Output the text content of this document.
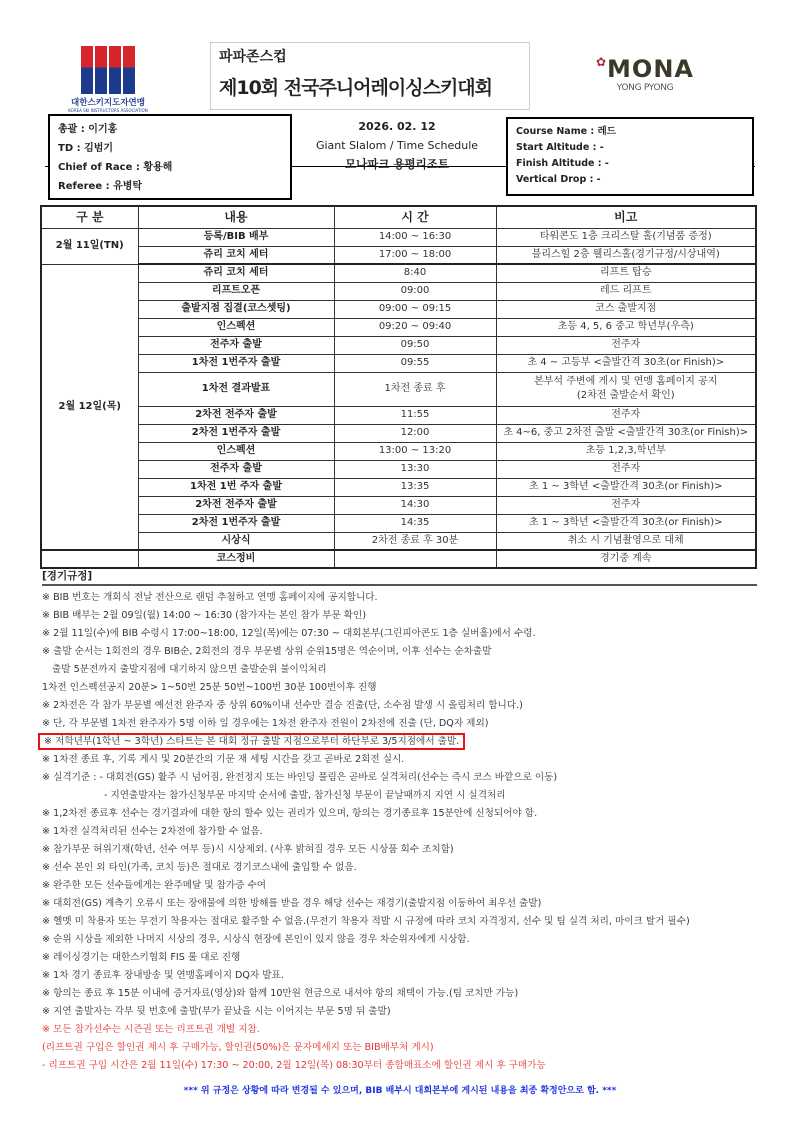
대한스키지도자연맹
KOREA SKI INSTRUCTORS ASSOCIATION
파파존스컵
제10회 전국주니어레이싱스키대회
✿MONA
YONG PYONG
총괄 : 이기홍
TD : 김범기
Chief of Race : 황용해
Referee : 유병탁
2026. 02. 12
Giant Slalom / Time Schedule
모나파크 용평리조트
Course Name : 레드
Start Altitude : -
Finish Altitude : -
Vertical Drop : -
구 분	내용	시 간	비고
2월 11일(TN)	등록/BIB 배부	14:00 ~ 16:30	타워콘도 1층 크리스탈 홀(기념품 증정)
	쥬리 코치 세터	17:00 ~ 18:00	블리스힐 2층 웰리스홀(경기규정/시상내역)
2월 12일(목)	쥬리 코치 세터	8:40	리프트 탑승
	리프트오픈	09:00	레드 리프트
	출발지점 집결(코스셋팅)	09:00 ~ 09:15	코스 출발지점
	인스펙션	09:20 ~ 09:40	초등 4, 5, 6 중고 학년부(우측)
	전주자 출발	09:50	전주자
	1차전 1번주자 출발	09:55	초 4 ~ 고등부 <출발간격 30초(or Finish)>
	1차전 결과발표	1차전 종료 후	본부석 주변에 게시 및 연맹 홈페이지 공지
(2차전 출발순서 확인)

	2차전 전주자 출발	11:55	전주자
	2차전 1번주자 출발	12:00	초 4~6, 중고 2차전 출발 <출발간격 30초(or Finish)>
	인스펙션	13:00 ~ 13:20	초등 1,2,3,학년부
	전주자 출발	13:30	전주자
	1차전 1번 주자 출발	13:35	초 1 ~ 3학년 <출발간격 30초(or Finish)>
	2차전 전주자 출발	14:30	전주자
	2차전 1번주자 출발	14:35	초 1 ~ 3학년 <출발간격 30초(or Finish)>
	시상식	2차전 종료 후 30분	취소 시 기념촬영으로 대체
	코스정비		경기중 계속
[경기규정]
※ BIB 번호는 개회식 전날 전산으로 랜덤 추첨하고 연맹 홈페이지에 공지합니다.
※ BIB 배부는 2월 09일(월) 14:00 ~ 16:30 (참가자는 본인 참가 부문 확인)
※ 2월 11일(수)에 BIB 수령시 17:00~18:00, 12일(목)에는 07:30 ~ 대회본부(그린피아콘도 1층 실버홀)에서 수령.
※ 출발 순서는 1회전의 경우 BIB순, 2회전의 경우 부문별 상위 순위15명은 역순이며, 이후 선수는 순차출발
출발 5분전까지 출발지점에 대기하지 않으면 출발순위 불이익처리
1차전 인스펙션공지 20분> 1~50번 25분 50번~100번 30분 100번이후 진행
※ 2차전은 각 참가 부문별 예선전 완주자 중 상위 60%이내 선수만 결승 진출(단, 소수점 발생 시 올림처리 합니다.)
※ 단, 각 부문별 1차전 완주자가 5명 이하 일 경우에는 1차전 완주자 전원이 2차전에 진출 (단, DQ자 제외)
※ 저학년부(1학년 ~ 3학년) 스타트는 본 대회 정규 출발 지점으로부터 하단부로 3/5지점에서 출발.
※ 1차전 종료 후, 기록 게시 및 20분간의 기문 재 세팅 시간을 갖고 곧바로 2회전 실시.
※ 실격기준 : - 대회전(GS) 활주 시 넘어짐, 완전정지 또는 바인딩 풀림은 곧바로 실격처리(선수는 즉시 코스 바깥으로 이동)
- 지연출발자는 참가신청부문 마지막 순서에 출발, 참가신청 부문이 끝날때까지 지연 시 실격처리
※ 1,2차전 종료후 선수는 경기결과에 대한 항의 할수 있는 권리가 있으며, 항의는 경기종료후 15분안에 신청되어야 함.
※ 1차전 실격처리된 선수는 2차전에 참가할 수 없음.
※ 참가부문 허위기재(학년, 선수 여부 등)시 시상제외. (사후 밝혀질 경우 모든 시상품 회수 조치함)
※ 선수 본인 외 타인(가족, 코치 등)은 절대로 경기코스내에 출입할 수 없음.
※ 완주한 모든 선수들에게는 완주메달 및 참가증 수여
※ 대회전(GS) 계측기 오류시 또는 장애물에 의한 방해를 받을 경우 해당 선수는 재경기(출발지점 이동하여 최우선 출발)
※ 헬멧 미 착용자 또는 무전기 착용자는 절대로 활주할 수 없음.(무전기 착용자 적발 시 규정에 따라 코치 자격정지, 선수 및 팀 실격 처리, 마이크 탈거 필수)
※ 순위 시상을 제외한 나머지 시상의 경우, 시상식 현장에 본인이 있지 않을 경우 차순위자에게 시상함.
※ 레이싱경기는 대한스키협회 FIS 룰 대로 진행
※ 1차 경기 종료후 장내방송 및 연맹홈페이지 DQ자 발표.
※ 항의는 종료 후 15분 이내에 증거자료(영상)와 함께 10만원 현금으로 내셔야 항의 채택이 가능.(팀 코치만 가능)
※ 지연 출발자는 각부 뒷 번호에 출발(부가 끝났을 시는 이어지는 부문 5명 뒤 출발)
※ 모든 참가선수는 시즌권 또는 리프트권 개별 지참.
(리프트권 구입은 할인권 제시 후 구매가능, 할인권(50%)은 문자메세지 또는 BIB배부처 게시)
- 리프트권 구입 시간은 2월 11일(수) 17:30 ~ 20:00, 2월 12일(목) 08:30부터 종합매표소에 할인권 제시 후 구매가능
*** 위 규정은 상황에 따라 변경될 수 있으며, BIB 배부시 대회본부에 게시된 내용을 최종 확정안으로 함. ***
